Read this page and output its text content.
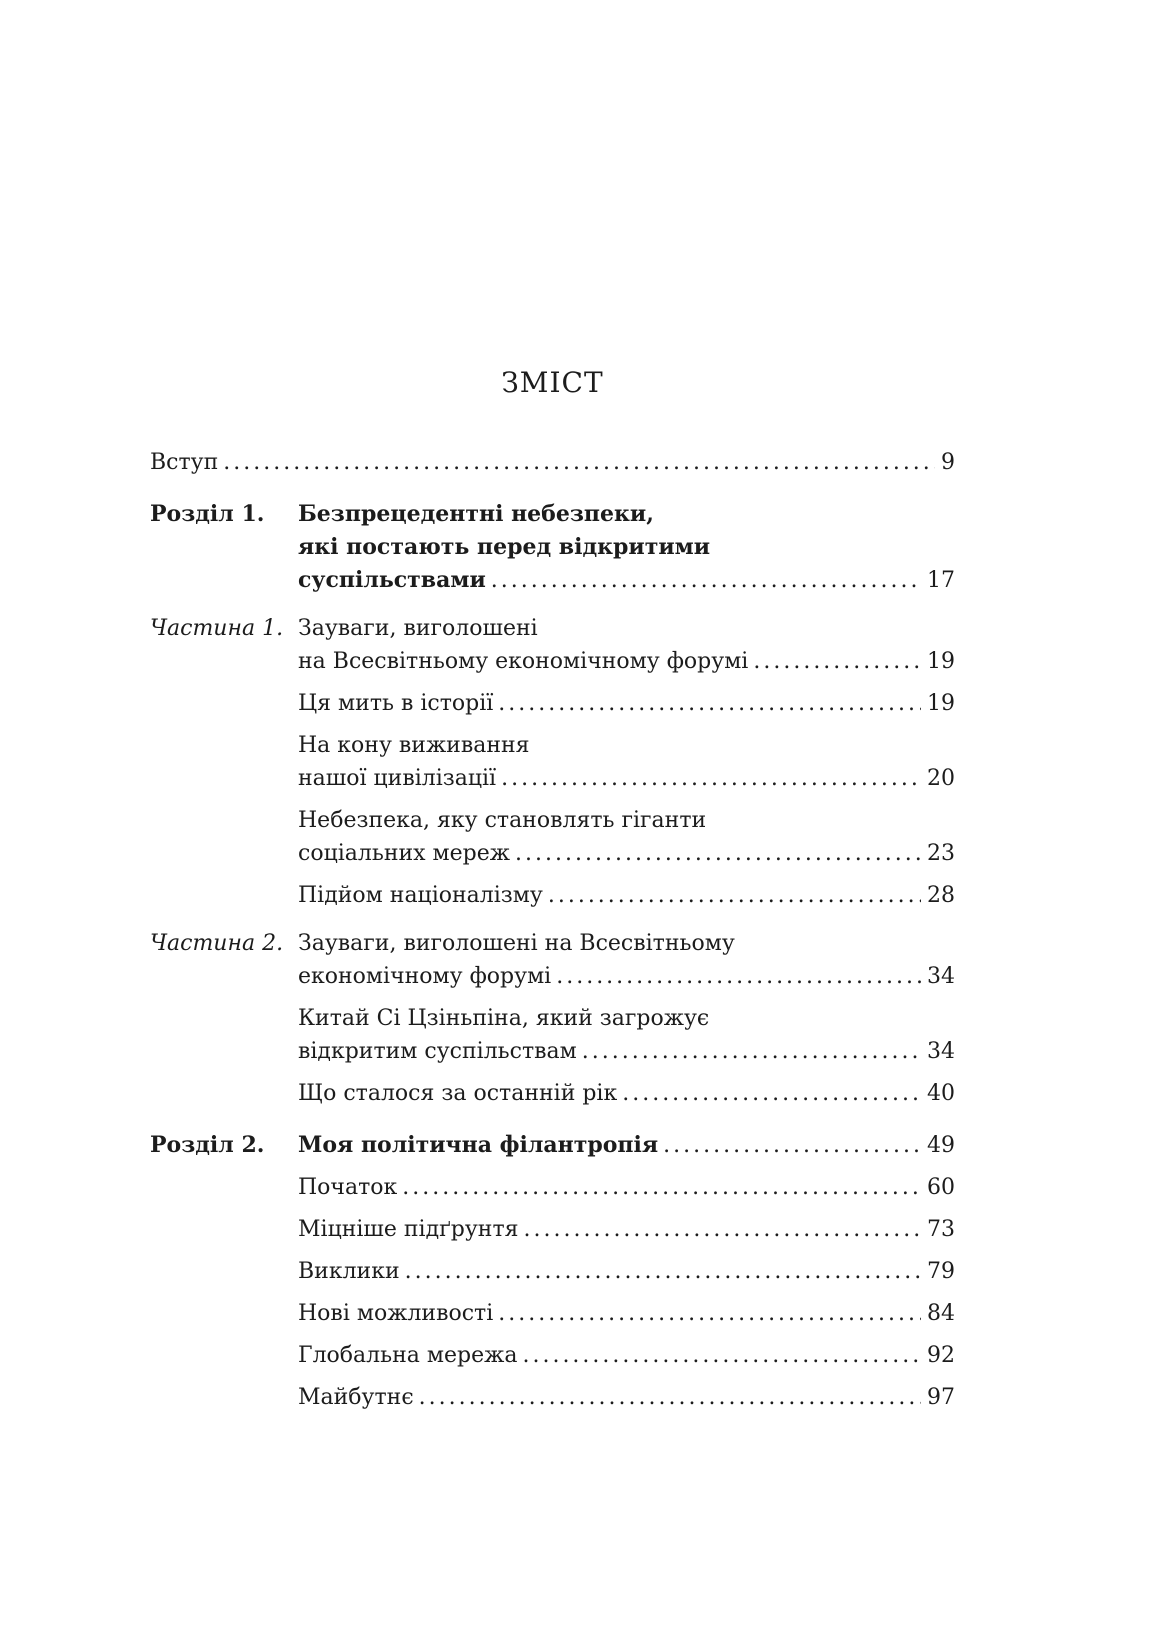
ЗМІСТ
Вступ .....	9
Розділ 1.	Безпрецедентні небезпеки,
які постають перед відкритими
суспільствами .....	17
Частина 1. Зауваги, виголошені
на Всесвітньому економічному форумі .....	19
Ця мить в історії .....	19
На кону виживання
нашої цивілізації .....	20
Небезпека, яку становлять гіганти
соціальних мереж .....	23
Підйом націоналізму .....	28
Частина 2. Зауваги, виголошені на Всесвітньому
економічному форумі .....	34
Китай Сі Цзіньпіна, який загрожує
відкритим суспільствам .....	34
Що сталося за останній рік .....	40
Розділ 2.	Моя політична філантропія .....	49
Початок .....	60
Міцніше підґрунтя .....	73
Виклики .....	79
Нові можливості .....	84
Глобальна мережа .....	92
Майбутнє .....	97
